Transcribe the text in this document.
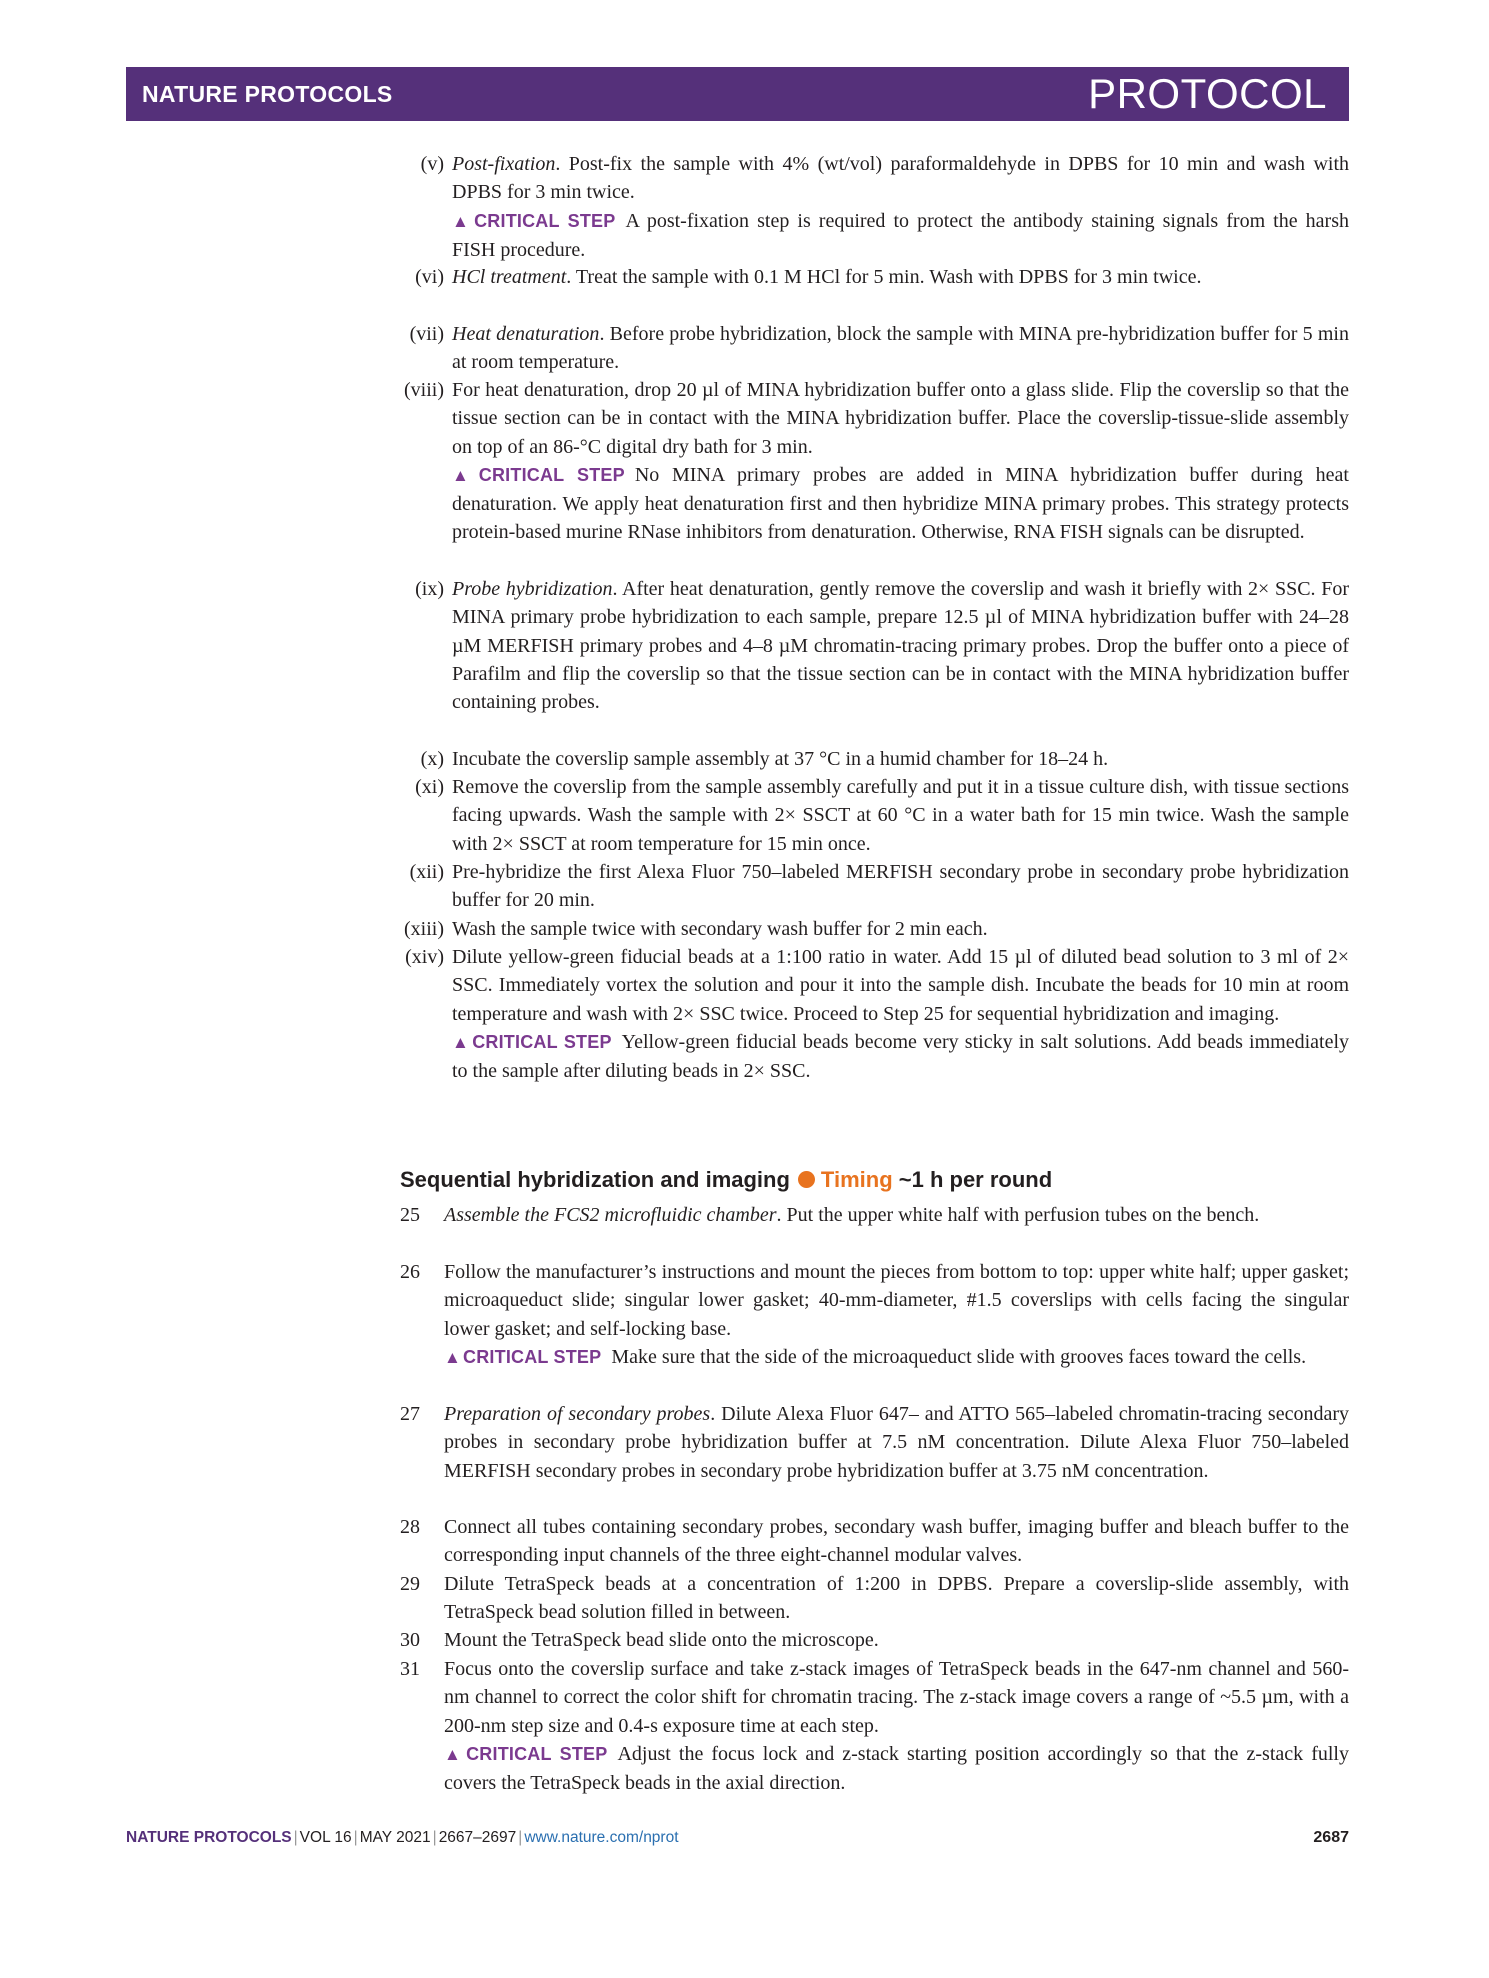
NATURE PROTOCOLS	PROTOCOL
(v) Post-fixation. Post-fix the sample with 4% (wt/vol) paraformaldehyde in DPBS for 10 min and wash with DPBS for 3 min twice.
▲ CRITICAL STEP A post-fixation step is required to protect the antibody staining signals from the harsh FISH procedure.
(vi) HCl treatment. Treat the sample with 0.1 M HCl for 5 min. Wash with DPBS for 3 min twice.
(vii) Heat denaturation. Before probe hybridization, block the sample with MINA pre-hybridization buffer for 5 min at room temperature.
(viii) For heat denaturation, drop 20 µl of MINA hybridization buffer onto a glass slide. Flip the coverslip so that the tissue section can be in contact with the MINA hybridization buffer. Place the coverslip-tissue-slide assembly on top of an 86-°C digital dry bath for 3 min.
▲ CRITICAL STEP No MINA primary probes are added in MINA hybridization buffer during heat denaturation. We apply heat denaturation first and then hybridize MINA primary probes. This strategy protects protein-based murine RNase inhibitors from denaturation. Otherwise, RNA FISH signals can be disrupted.
(ix) Probe hybridization. After heat denaturation, gently remove the coverslip and wash it briefly with 2× SSC. For MINA primary probe hybridization to each sample, prepare 12.5 µl of MINA hybridization buffer with 24–28 µM MERFISH primary probes and 4–8 µM chromatin-tracing primary probes. Drop the buffer onto a piece of Parafilm and flip the coverslip so that the tissue section can be in contact with the MINA hybridization buffer containing probes.
(x) Incubate the coverslip sample assembly at 37 °C in a humid chamber for 18–24 h.
(xi) Remove the coverslip from the sample assembly carefully and put it in a tissue culture dish, with tissue sections facing upwards. Wash the sample with 2× SSCT at 60 °C in a water bath for 15 min twice. Wash the sample with 2× SSCT at room temperature for 15 min once.
(xii) Pre-hybridize the first Alexa Fluor 750–labeled MERFISH secondary probe in secondary probe hybridization buffer for 20 min.
(xiii) Wash the sample twice with secondary wash buffer for 2 min each.
(xiv) Dilute yellow-green fiducial beads at a 1:100 ratio in water. Add 15 µl of diluted bead solution to 3 ml of 2× SSC. Immediately vortex the solution and pour it into the sample dish. Incubate the beads for 10 min at room temperature and wash with 2× SSC twice. Proceed to Step 25 for sequential hybridization and imaging.
▲ CRITICAL STEP Yellow-green fiducial beads become very sticky in salt solutions. Add beads immediately to the sample after diluting beads in 2× SSC.
Sequential hybridization and imaging Timing ~1 h per round
25	Assemble the FCS2 microfluidic chamber. Put the upper white half with perfusion tubes on the bench.
26	Follow the manufacturer’s instructions and mount the pieces from bottom to top: upper white half; upper gasket; microaqueduct slide; singular lower gasket; 40-mm-diameter, #1.5 coverslips with cells facing the singular lower gasket; and self-locking base.
▲ CRITICAL STEP Make sure that the side of the microaqueduct slide with grooves faces toward the cells.
27	Preparation of secondary probes. Dilute Alexa Fluor 647– and ATTO 565–labeled chromatin-tracing secondary probes in secondary probe hybridization buffer at 7.5 nM concentration. Dilute Alexa Fluor 750–labeled MERFISH secondary probes in secondary probe hybridization buffer at 3.75 nM concentration.
28	Connect all tubes containing secondary probes, secondary wash buffer, imaging buffer and bleach buffer to the corresponding input channels of the three eight-channel modular valves.
29	Dilute TetraSpeck beads at a concentration of 1:200 in DPBS. Prepare a coverslip-slide assembly, with TetraSpeck bead solution filled in between.
30	Mount the TetraSpeck bead slide onto the microscope.
31	Focus onto the coverslip surface and take z-stack images of TetraSpeck beads in the 647-nm channel and 560-nm channel to correct the color shift for chromatin tracing. The z-stack image covers a range of ~5.5 µm, with a 200-nm step size and 0.4-s exposure time at each step.
▲ CRITICAL STEP Adjust the focus lock and z-stack starting position accordingly so that the z-stack fully covers the TetraSpeck beads in the axial direction.
NATURE PROTOCOLS | VOL 16 | MAY 2021 | 2667–2697 | www.nature.com/nprot	2687
